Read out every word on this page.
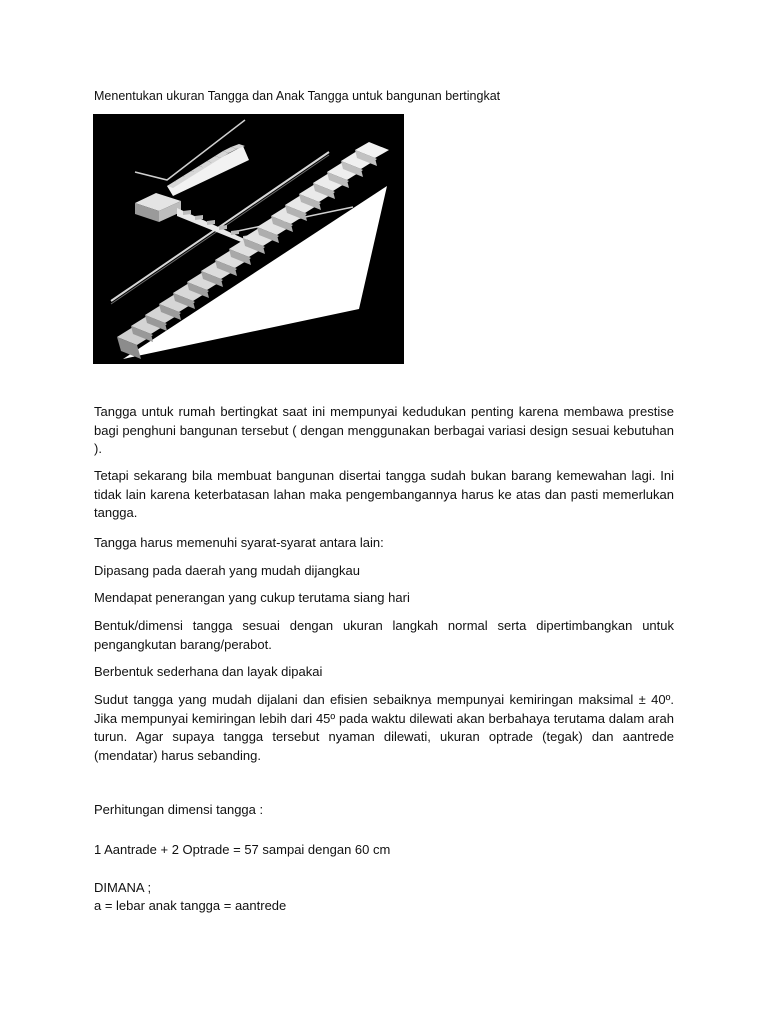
Menentukan ukuran Tangga dan Anak Tangga untuk bangunan bertingkat

Tangga untuk rumah bertingkat saat ini mempunyai kedudukan penting karena membawa prestise bagi penghuni bangunan tersebut ( dengan menggunakan berbagai variasi design sesuai kebutuhan ).

Tetapi sekarang bila membuat bangunan disertai tangga sudah bukan barang kemewahan lagi. Ini tidak lain karena keterbatasan lahan maka pengembangannya harus ke atas dan pasti memerlukan tangga.

Tangga harus memenuhi syarat-syarat antara lain:

Dipasang pada daerah yang mudah dijangkau

Mendapat penerangan yang cukup terutama siang hari

Bentuk/dimensi tangga sesuai dengan ukuran langkah normal serta dipertimbangkan untuk pengangkutan barang/perabot.

Berbentuk sederhana dan layak dipakai

Sudut tangga yang mudah dijalani dan efisien sebaiknya mempunyai kemiringan maksimal ± 40º. Jika mempunyai kemiringan lebih dari 45º pada waktu dilewati akan berbahaya terutama dalam arah turun. Agar supaya tangga tersebut nyaman dilewati, ukuran optrade (tegak) dan aantrede (mendatar) harus sebanding.

Perhitungan dimensi tangga :

1 Aantrade + 2 Optrade = 57 sampai dengan 60 cm

DIMANA ;

a = lebar anak tangga = aantrede
